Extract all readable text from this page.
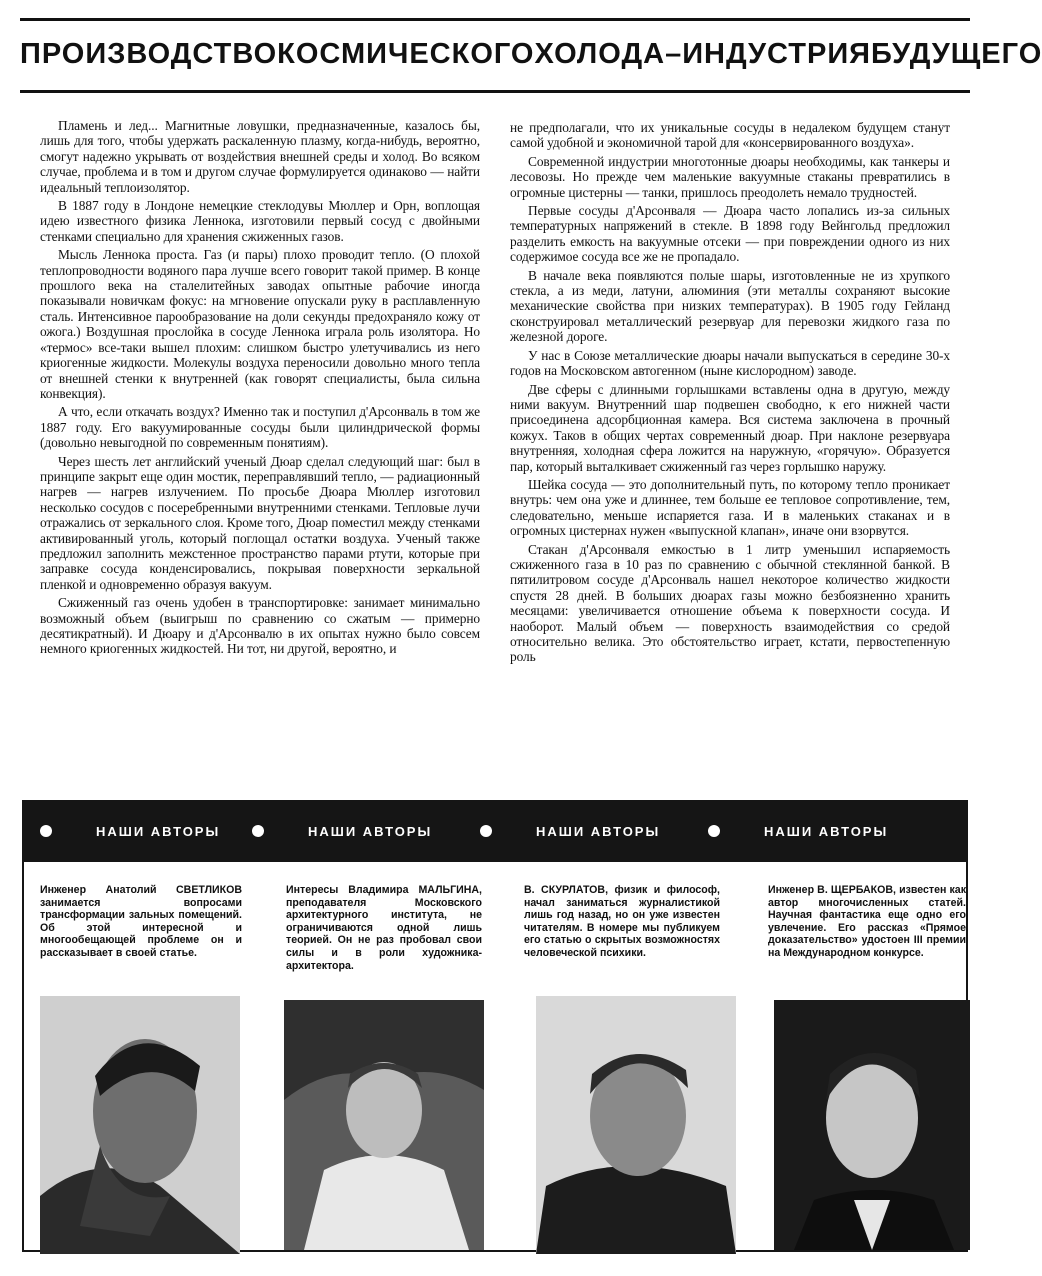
ПРОИЗВОДСТВО КОСМИЧЕСКОГО ХОЛОДА – ИНДУСТРИЯ БУДУЩЕГО

Пламень и лед... Магнитные ловушки, предназначенные, казалось бы, лишь для того, чтобы удержать раскаленную плазму, когда-нибудь, вероятно, смогут надежно укрывать от воздействия внешней среды и холод. Во всяком случае, проблема и в том и другом случае формулируется одинаково — найти идеальный теплоизолятор.

В 1887 году в Лондоне немецкие стеклодувы Мюллер и Орн, воплощая идею известного физика Леннока, изготовили первый сосуд с двойными стенками специально для хранения сжиженных газов.

Мысль Леннока проста. Газ (и пары) плохо проводит тепло. (О плохой теплопроводности водяного пара лучше всего говорит такой пример. В конце прошлого века на сталелитейных заводах опытные рабочие иногда показывали новичкам фокус: на мгновение опускали руку в расплавленную сталь. Интенсивное парообразование на доли секунды предохраняло кожу от ожога.) Воздушная прослойка в сосуде Леннока играла роль изолятора. Но «термос» все-таки вышел плохим: слишком быстро улетучивались из него криогенные жидкости. Молекулы воздуха переносили довольно много тепла от внешней стенки к внутренней (как говорят специалисты, была сильна конвекция).

А что, если откачать воздух? Именно так и поступил д'Арсонваль в том же 1887 году. Его вакуумированные сосуды были цилиндрической формы (довольно невыгодной по современным понятиям).

Через шесть лет английский ученый Дюар сделал следующий шаг: был в принципе закрыт еще один мостик, переправлявший тепло, — радиационный нагрев — нагрев излучением. По просьбе Дюара Мюллер изготовил несколько сосудов с посеребренными внутренними стенками. Тепловые лучи отражались от зеркального слоя. Кроме того, Дюар поместил между стенками активированный уголь, который поглощал остатки воздуха. Ученый также предложил заполнить межстенное пространство парами ртути, которые при заправке сосуда конденсировались, покрывая поверхности зеркальной пленкой и одновременно образуя вакуум.

Сжиженный газ очень удобен в транспортировке: занимает минимально возможный объем (выигрыш по сравнению со сжатым — примерно десятикратный). И Дюару и д'Арсонвалю в их опытах нужно было совсем немного криогенных жидкостей. Ни тот, ни другой, вероятно, и

не предполагали, что их уникальные сосуды в недалеком будущем станут самой удобной и экономичной тарой для «консервированного воздуха».

Современной индустрии многотонные дюары необходимы, как танкеры и лесовозы. Но прежде чем маленькие вакуумные стаканы превратились в огромные цистерны — танки, пришлось преодолеть немало трудностей.

Первые сосуды д'Арсонваля — Дюара часто лопались из-за сильных температурных напряжений в стекле. В 1898 году Вейнгольд предложил разделить емкость на вакуумные отсеки — при повреждении одного из них содержимое сосуда все же не пропадало.

В начале века появляются полые шары, изготовленные не из хрупкого стекла, а из меди, латуни, алюминия (эти металлы сохраняют высокие механические свойства при низких температурах). В 1905 году Гейланд сконструировал металлический резервуар для перевозки жидкого газа по железной дороге.

У нас в Союзе металлические дюары начали выпускаться в середине 30-х годов на Московском автогенном (ныне кислородном) заводе.

Две сферы с длинными горлышками вставлены одна в другую, между ними вакуум. Внутренний шар подвешен свободно, к его нижней части присоединена адсорбционная камера. Вся система заключена в прочный кожух. Таков в общих чертах современный дюар. При наклоне резервуара внутренняя, холодная сфера ложится на наружную, «горячую». Образуется пар, который выталкивает сжиженный газ через горлышко наружу.

Шейка сосуда — это дополнительный путь, по которому тепло проникает внутрь: чем она уже и длиннее, тем больше ее тепловое сопротивление, тем, следовательно, меньше испаряется газа. И в маленьких стаканах и в огромных цистернах нужен «выпускной клапан», иначе они взорвутся.

Стакан д'Арсонваля емкостью в 1 литр уменьшил испаряемость сжиженного газа в 10 раз по сравнению с обычной стеклянной банкой. В пятилитровом сосуде д'Арсонваль нашел некоторое количество жидкости спустя 28 дней. В больших дюарах газы можно безбоязненно хранить месяцами: увеличивается отношение объема к поверхности сосуда. И наоборот. Малый объем — поверхность взаимодействия со средой относительно велика. Это обстоятельство играет, кстати, первостепенную роль

НАШИ АВТОРЫ	НАШИ АВТОРЫ	НАШИ АВТОРЫ	НАШИ АВТОРЫ

Инженер Анатолий СВЕТЛИКОВ занимается вопросами трансформации зальных помещений. Об этой интересной и многообещающей проблеме он и рассказывает в своей статье.

Интересы Владимира МАЛЬГИНА, преподавателя Московского архитектурного института, не ограничиваются одной лишь теорией. Он не раз пробовал свои силы и в роли художника-архитектора.

В. СКУРЛАТОВ, физик и философ, начал заниматься журналистикой лишь год назад, но он уже известен читателям. В номере мы публикуем его статью о скрытых возможностях человеческой психики.

Инженер В. ЩЕРБАКОВ, известен как автор многочисленных статей. Научная фантастика еще одно его увлечение. Его рассказ «Прямое доказательство» удостоен III премии на Международном конкурсе.
